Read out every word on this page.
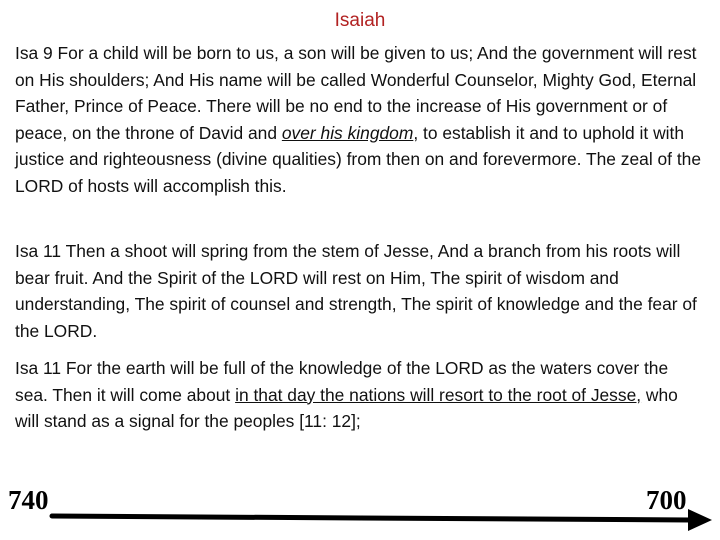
Isaiah

Isa 9 For a child will be born to us, a son will be given to us; And the government will rest on His shoulders; And His name will be called Wonderful Counselor, Mighty God, Eternal Father, Prince of Peace. There will be no end to the increase of His government or of peace, on the throne of David and over his kingdom, to establish it and to uphold it with justice and righteousness (divine qualities) from then on and forevermore. The zeal of the LORD of hosts will accomplish this.

Isa 11 Then a shoot will spring from the stem of Jesse, And a branch from his roots will bear fruit. And the Spirit of the LORD will rest on Him, The spirit of wisdom and understanding, The spirit of counsel and strength, The spirit of knowledge and the fear of the LORD.

Isa 11 For the earth will be full of the knowledge of the LORD as the waters cover the sea. Then it will come about in that day the nations will resort to the root of Jesse, who will stand as a signal for the peoples [11: 12];

740	700
